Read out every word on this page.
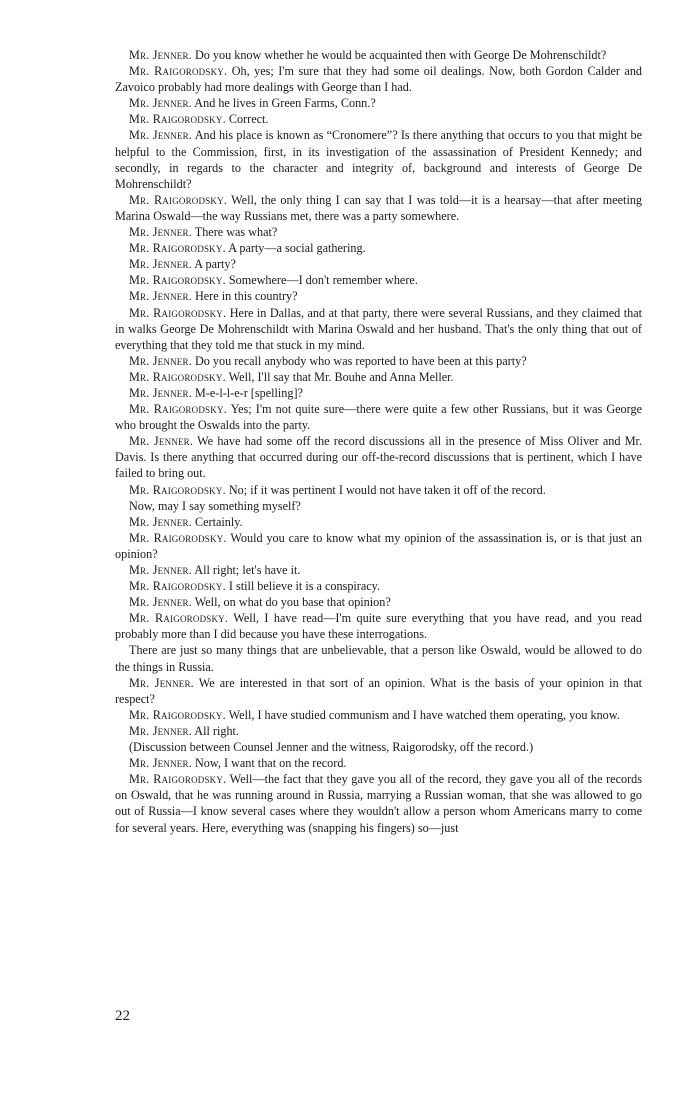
Mr. Jenner. Do you know whether he would be acquainted then with George De Mohrenschildt?

Mr. Raigorodsky. Oh, yes; I'm sure that they had some oil dealings. Now, both Gordon Calder and Zavoico probably had more dealings with George than I had.

Mr. Jenner. And he lives in Green Farms, Conn.?

Mr. Raigorodsky. Correct.

Mr. Jenner. And his place is known as “Cronomere”? Is there anything that occurs to you that might be helpful to the Commission, first, in its investigation of the assassination of President Kennedy; and secondly, in regards to the character and integrity of, background and interests of George De Mohrenschildt?

Mr. Raigorodsky. Well, the only thing I can say that I was told—it is a hearsay—that after meeting Marina Oswald—the way Russians met, there was a party somewhere.

Mr. Jenner. There was what?

Mr. Raigorodsky. A party—a social gathering.

Mr. Jenner. A party?

Mr. Raigorodsky. Somewhere—I don't remember where.

Mr. Jenner. Here in this country?

Mr. Raigorodsky. Here in Dallas, and at that party, there were several Russians, and they claimed that in walks George De Mohrenschildt with Marina Oswald and her husband. That's the only thing that out of everything that they told me that stuck in my mind.

Mr. Jenner. Do you recall anybody who was reported to have been at this party?

Mr. Raigorodsky. Well, I'll say that Mr. Bouhe and Anna Meller.

Mr. Jenner. M-e-l-l-e-r [spelling]?

Mr. Raigorodsky. Yes; I'm not quite sure—there were quite a few other Russians, but it was George who brought the Oswalds into the party.

Mr. Jenner. We have had some off the record discussions all in the presence of Miss Oliver and Mr. Davis. Is there anything that occurred during our off-the-record discussions that is pertinent, which I have failed to bring out.

Mr. Raigorodsky. No; if it was pertinent I would not have taken it off of the record.

Now, may I say something myself?

Mr. Jenner. Certainly.

Mr. Raigorodsky. Would you care to know what my opinion of the assassination is, or is that just an opinion?

Mr. Jenner. All right; let's have it.

Mr. Raigorodsky. I still believe it is a conspiracy.

Mr. Jenner. Well, on what do you base that opinion?

Mr. Raigorodsky. Well, I have read—I'm quite sure everything that you have read, and you read probably more than I did because you have these interrogations.

There are just so many things that are unbelievable, that a person like Oswald, would be allowed to do the things in Russia.

Mr. Jenner. We are interested in that sort of an opinion. What is the basis of your opinion in that respect?

Mr. Raigorodsky. Well, I have studied communism and I have watched them operating, you know.

Mr. Jenner. All right.

(Discussion between Counsel Jenner and the witness, Raigorodsky, off the record.)

Mr. Jenner. Now, I want that on the record.

Mr. Raigorodsky. Well—the fact that they gave you all of the record, they gave you all of the records on Oswald, that he was running around in Russia, marrying a Russian woman, that she was allowed to go out of Russia—I know several cases where they wouldn't allow a person whom Americans marry to come for several years. Here, everything was (snapping his fingers) so—just

22
